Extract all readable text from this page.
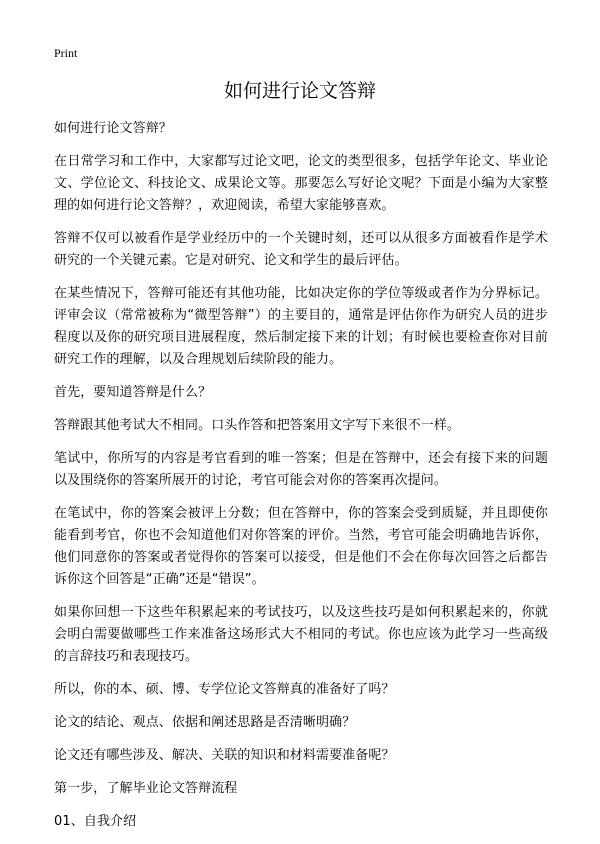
Print
如何进行论文答辩

如何进行论文答辩？

在日常学习和工作中，大家都写过论文吧，论文的类型很多，包括学年论文、毕业论文、学位论文、科技论文、成果论文等。那要怎么写好论文呢？下面是小编为大家整理的如何进行论文答辩？，欢迎阅读，希望大家能够喜欢。

答辩不仅可以被看作是学业经历中的一个关键时刻，还可以从很多方面被看作是学术研究的一个关键元素。它是对研究、论文和学生的最后评估。

在某些情况下，答辩可能还有其他功能，比如决定你的学位等级或者作为分界标记。评审会议（常常被称为“微型答辩”）的主要目的，通常是评估你作为研究人员的进步程度以及你的研究项目进展程度，然后制定接下来的计划；有时候也要检查你对目前研究工作的理解，以及合理规划后续阶段的能力。

首先，要知道答辩是什么？

答辩跟其他考试大不相同。口头作答和把答案用文字写下来很不一样。

笔试中，你所写的内容是考官看到的唯一答案；但是在答辩中，还会有接下来的问题以及围绕你的答案所展开的讨论，考官可能会对你的答案再次提问。

在笔试中，你的答案会被评上分数；但在答辩中，你的答案会受到质疑，并且即使你能看到考官，你也不会知道他们对你答案的评价。当然，考官可能会明确地告诉你，他们同意你的答案或者觉得你的答案可以接受，但是他们不会在你每次回答之后都告诉你这个回答是“正确”还是“错误”。

如果你回想一下这些年积累起来的考试技巧，以及这些技巧是如何积累起来的，你就会明白需要做哪些工作来准备这场形式大不相同的考试。你也应该为此学习一些高级的言辞技巧和表现技巧。

所以，你的本、硕、博、专学位论文答辩真的准备好了吗？

论文的结论、观点、依据和阐述思路是否清晰明确？

论文还有哪些涉及、解决、关联的知识和材料需要准备呢？

第一步，了解毕业论文答辩流程

01、自我介绍
